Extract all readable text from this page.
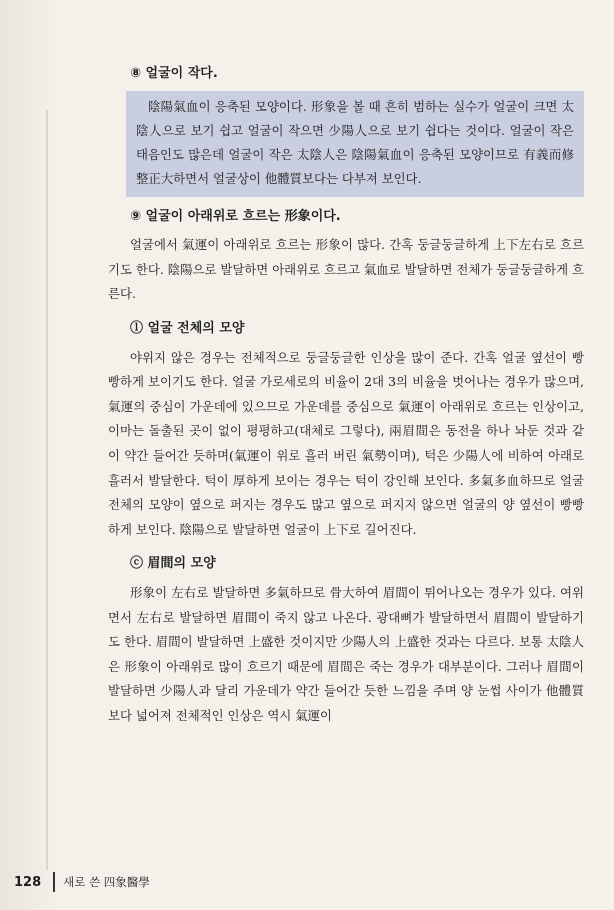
⑧ 얼굴이 작다.

陰陽氣血이 응축된 모양이다. 形象을 볼 때 흔히 범하는 실수가 얼굴이 크면 太陰人으로 보기 쉽고 얼굴이 작으면 少陽人으로 보기 쉽다는 것이다. 얼굴이 작은 태음인도 많은데 얼굴이 작은 太陰人은 陰陽氣血이 응축된 모양이므로 有義而修整正大하면서 얼굴상이 他體質보다는 다부져 보인다.

⑨ 얼굴이 아래위로 흐르는 形象이다.

얼굴에서 氣運이 아래위로 흐르는 形象이 많다. 간혹 둥글둥글하게 上下左右로 흐르기도 한다. 陰陽으로 발달하면 아래위로 흐르고 氣血로 발달하면 전체가 둥글둥글하게 흐른다.

ⓛ 얼굴 전체의 모양

야위지 않은 경우는 전체적으로 둥글둥글한 인상을 많이 준다. 간혹 얼굴 옆선이 빵빵하게 보이기도 한다. 얼굴 가로세로의 비율이 2대 3의 비율을 벗어나는 경우가 많으며, 氣運의 중심이 가운데에 있으므로 가운데를 중심으로 氣運이 아래위로 흐르는 인상이고, 이마는 돌출된 곳이 없이 평평하고(대체로 그렇다), 兩眉間은 동전을 하나 놔둔 것과 같이 약간 들어간 듯하며(氣運이 위로 흘러 버린 氣勢이며), 턱은 少陽人에 비하여 아래로 흘러서 발달한다. 턱이 厚하게 보이는 경우는 턱이 강인해 보인다. 多氣多血하므로 얼굴 전체의 모양이 옆으로 퍼지는 경우도 많고 옆으로 퍼지지 않으면 얼굴의 양 옆선이 빵빵하게 보인다. 陰陽으로 발달하면 얼굴이 上下로 길어진다.

ⓒ 眉間의 모양

形象이 左右로 발달하면 多氣하므로 骨大하여 眉間이 튀어나오는 경우가 있다. 여위면서 左右로 발달하면 眉間이 죽지 않고 나온다. 광대뼈가 발달하면서 眉間이 발달하기도 한다. 眉間이 발달하면 上盛한 것이지만 少陽人의 上盛한 것과는 다르다. 보통 太陰人은 形象이 아래위로 많이 흐르기 때문에 眉間은 죽는 경우가 대부분이다. 그러나 眉間이 발달하면 少陽人과 달리 가운데가 약간 들어간 듯한 느낌을 주며 양 눈썹 사이가 他體質보다 넓어져 전체적인 인상은 역시 氣運이

128 새로 쓴 四象醫學
